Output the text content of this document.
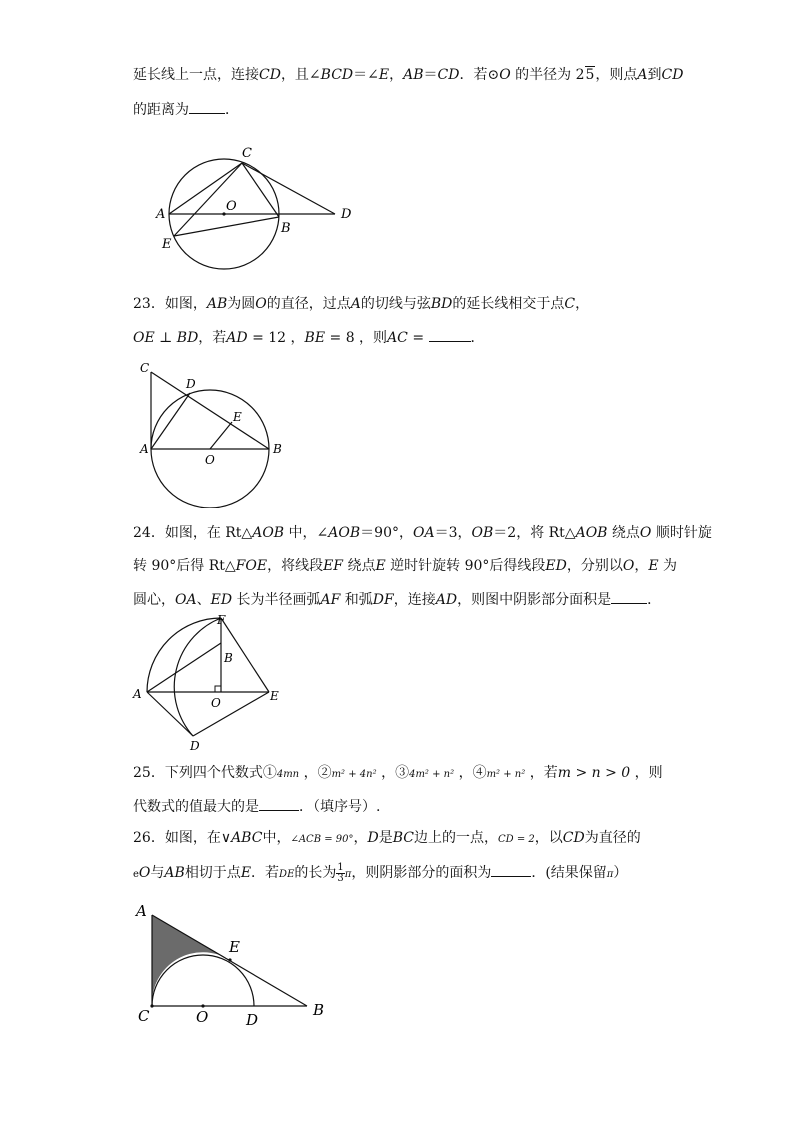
延长线上一点，连接CD，且∠BCD＝∠E，AB＝CD．若⊙O 的半径为 25，则点A到CD
的距离为	．
C
A
O
B
D
E
23．如图，AB为圆O的直径，过点A的切线与弦BD的延长线相交于点C，
OE ⊥ BD，若AD = 12 ，BE = 8 ，则AC =	．
C
D
E
A
O
B
24．如图，在 Rt△AOB 中，∠AOB＝90°，OA＝3，OB＝2，将 Rt△AOB 绕点O 顺时针旋
转 90°后得 Rt△FOE，将线段EF 绕点E 逆时针旋转 90°后得线段ED，分别以O，E 为
圆心，OA、ED 长为半径画弧AF 和弧DF，连接AD，则图中阴影部分面积是	．
F
B
A
O	E
D
25．下列四个代数式①4mn ，②m² + 4n² ，③4m² + n² ，④m² + n² ，若m > n > 0 ，则
代数式的值最大的是	．（填序号）.
26．如图，在∨ABC中，∠ACB = 90°，D是BC边上的一点，CD = 2，以CD为直径的
eO与AB相切于点E．若DE的长为 $\frac{1}{3}$ π，则阴影部分的面积为	．(结果保留π）
A
E
C	O	D
B
